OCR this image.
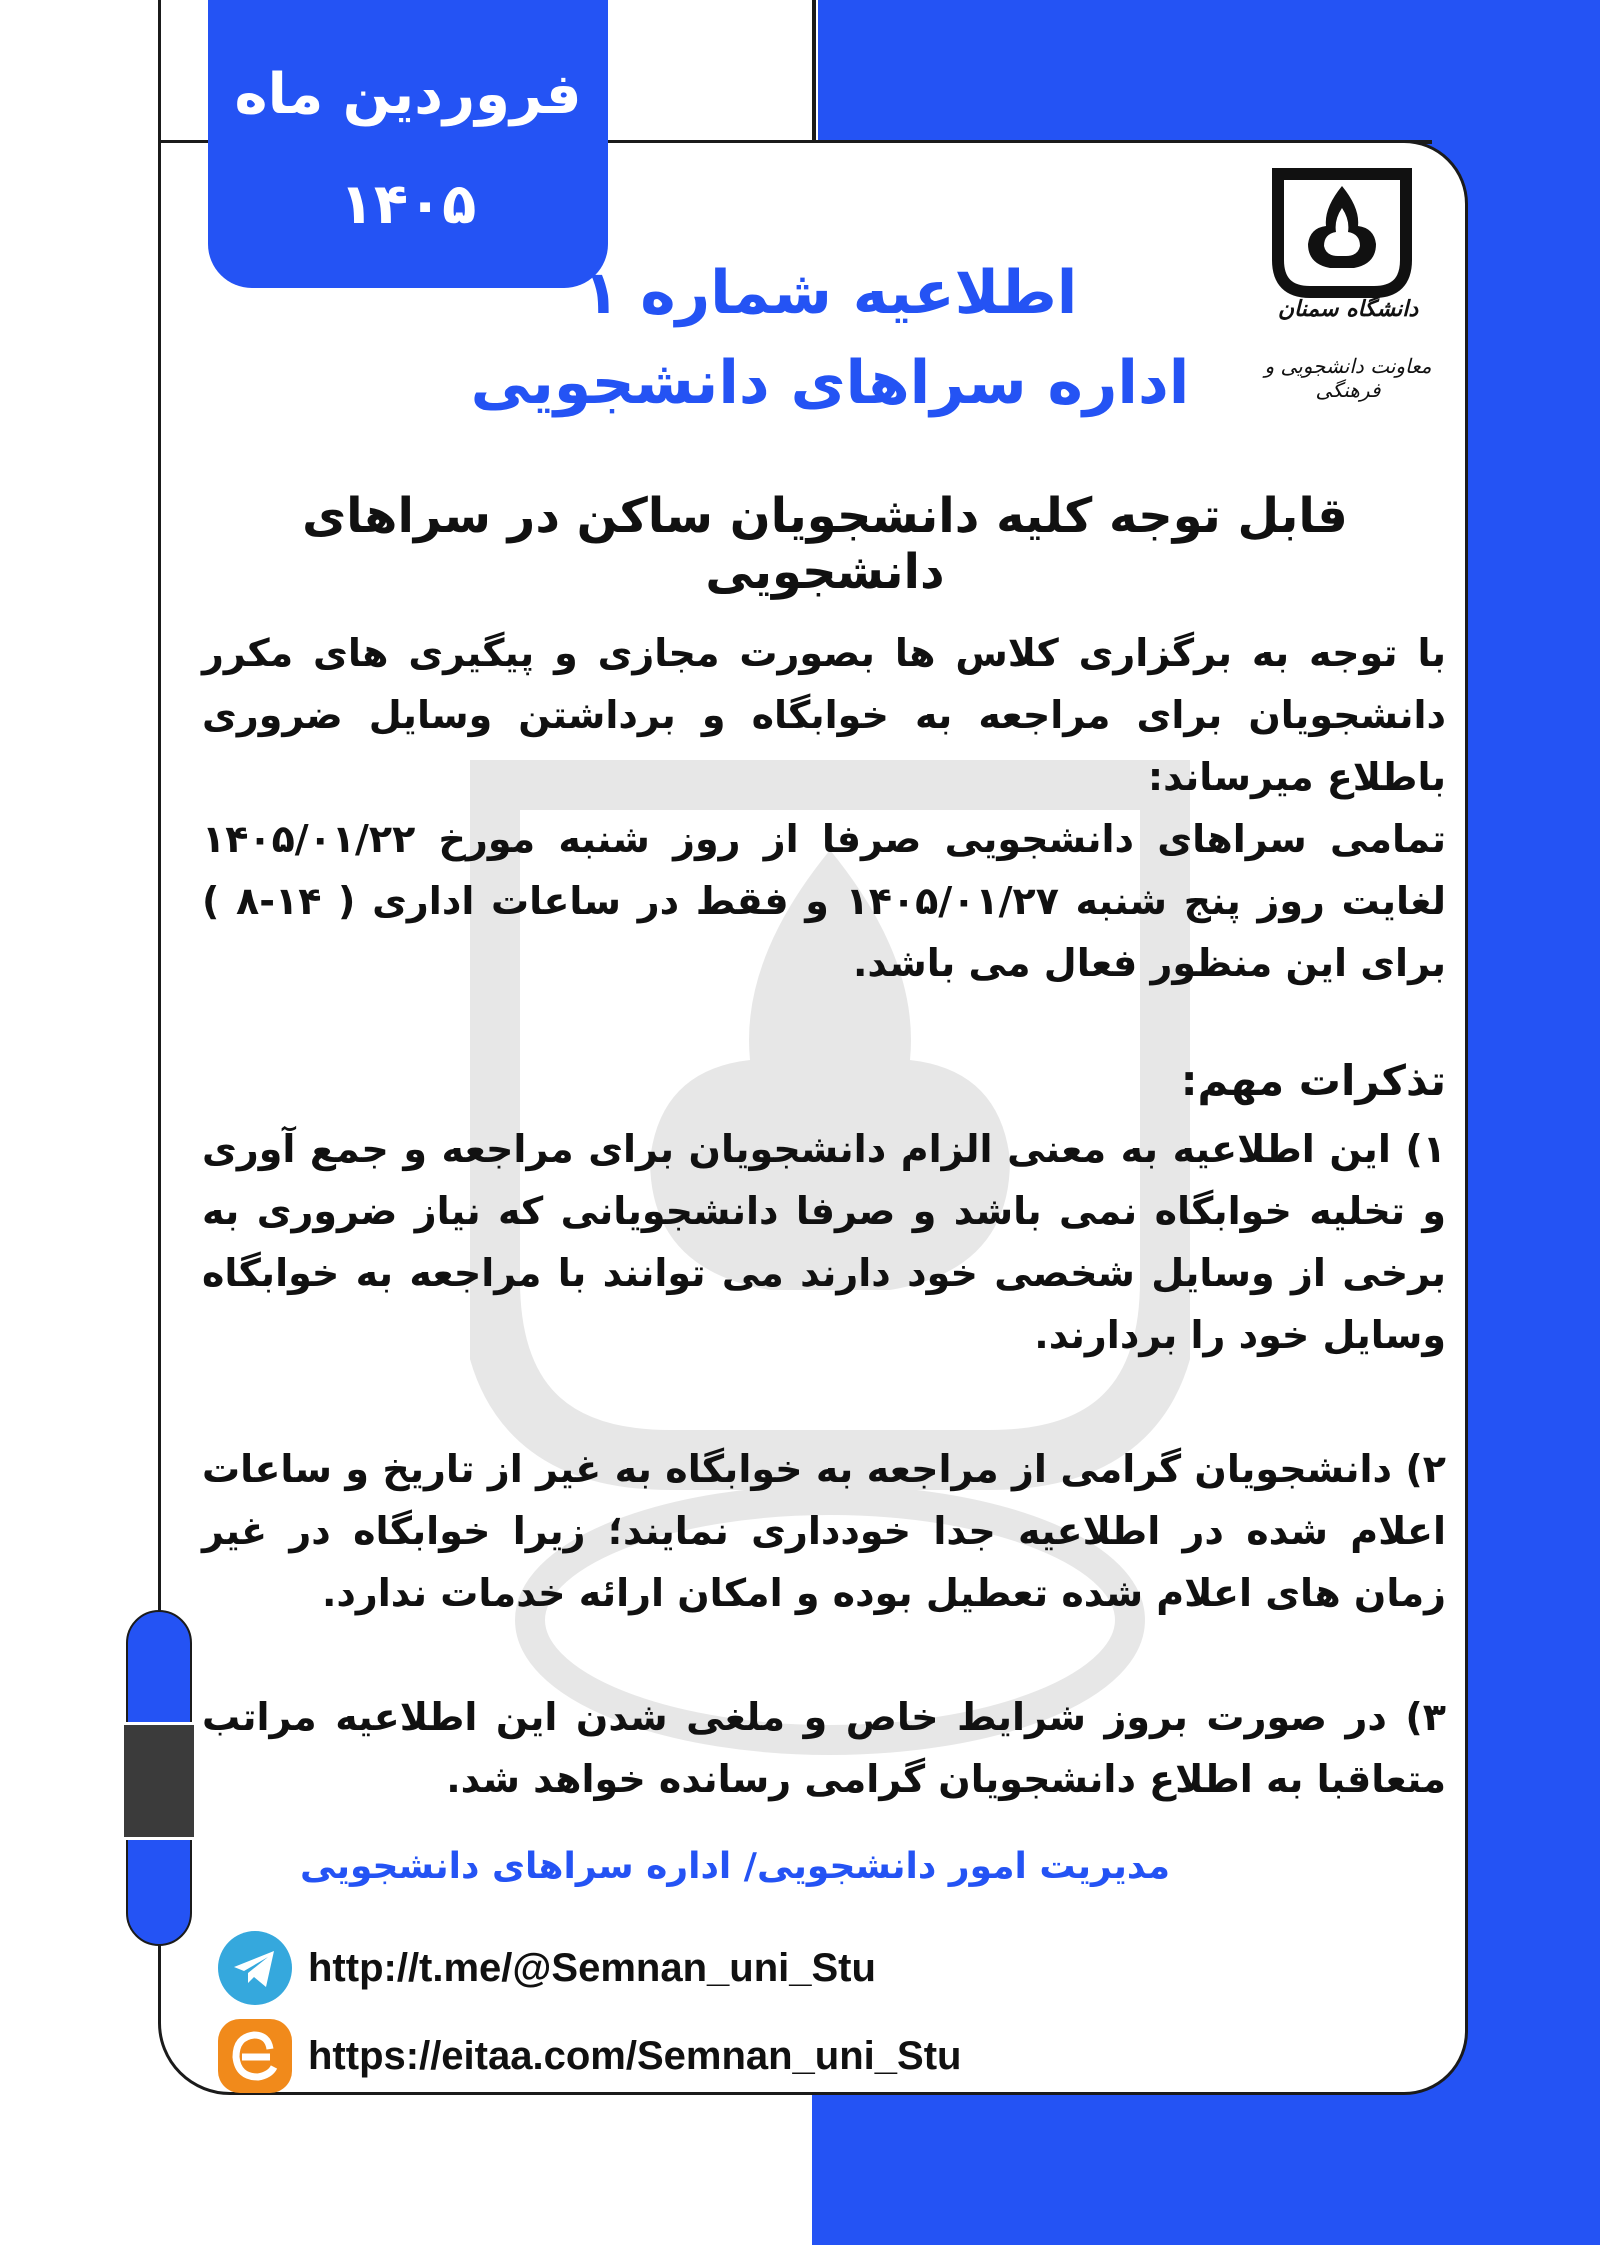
فروردین ماه
۱۴۰۵
دانشگاه سمنان
معاونت دانشجویی و فرهنگی
اطلاعیه شماره ۱
اداره سراهای دانشجویی
قابل توجه کلیه دانشجویان ساکن در سراهای دانشجویی
با توجه به برگزاری کلاس ها بصورت مجازی و پیگیری های مکرر دانشجویان برای مراجعه به خوابگاه و برداشتن وسایل ضروری باطلاع میرساند:
تمامی سراهای دانشجویی صرفا از روز شنبه مورخ ۱۴۰۵/۰۱/۲۲ لغایت روز پنج شنبه ۱۴۰۵/۰۱/۲۷ و فقط در ساعات اداری ( ۱۴-۸ ) برای این منظور فعال می باشد.
تذکرات مهم:
۱) این اطلاعیه به معنی الزام دانشجویان برای مراجعه و جمع آوری و تخلیه خوابگاه نمی باشد و صرفا دانشجویانی که نیاز ضروری به برخی از وسایل شخصی خود دارند می توانند با مراجعه به خوابگاه وسایل خود را بردارند.
۲) دانشجویان گرامی از مراجعه به خوابگاه به غیر از تاریخ و ساعات اعلام شده در اطلاعیه جدا خودداری نمایند؛ زیرا خوابگاه در غیر زمان های اعلام شده تعطیل بوده و امکان ارائه خدمات ندارد.
۳) در صورت بروز شرایط خاص و ملغی شدن این اطلاعیه مراتب متعاقبا به اطلاع دانشجویان گرامی رسانده خواهد شد.
مدیریت امور دانشجویی/ اداره سراهای دانشجویی
http://t.me/@Semnan_uni_Stu
https://eitaa.com/Semnan_uni_Stu
